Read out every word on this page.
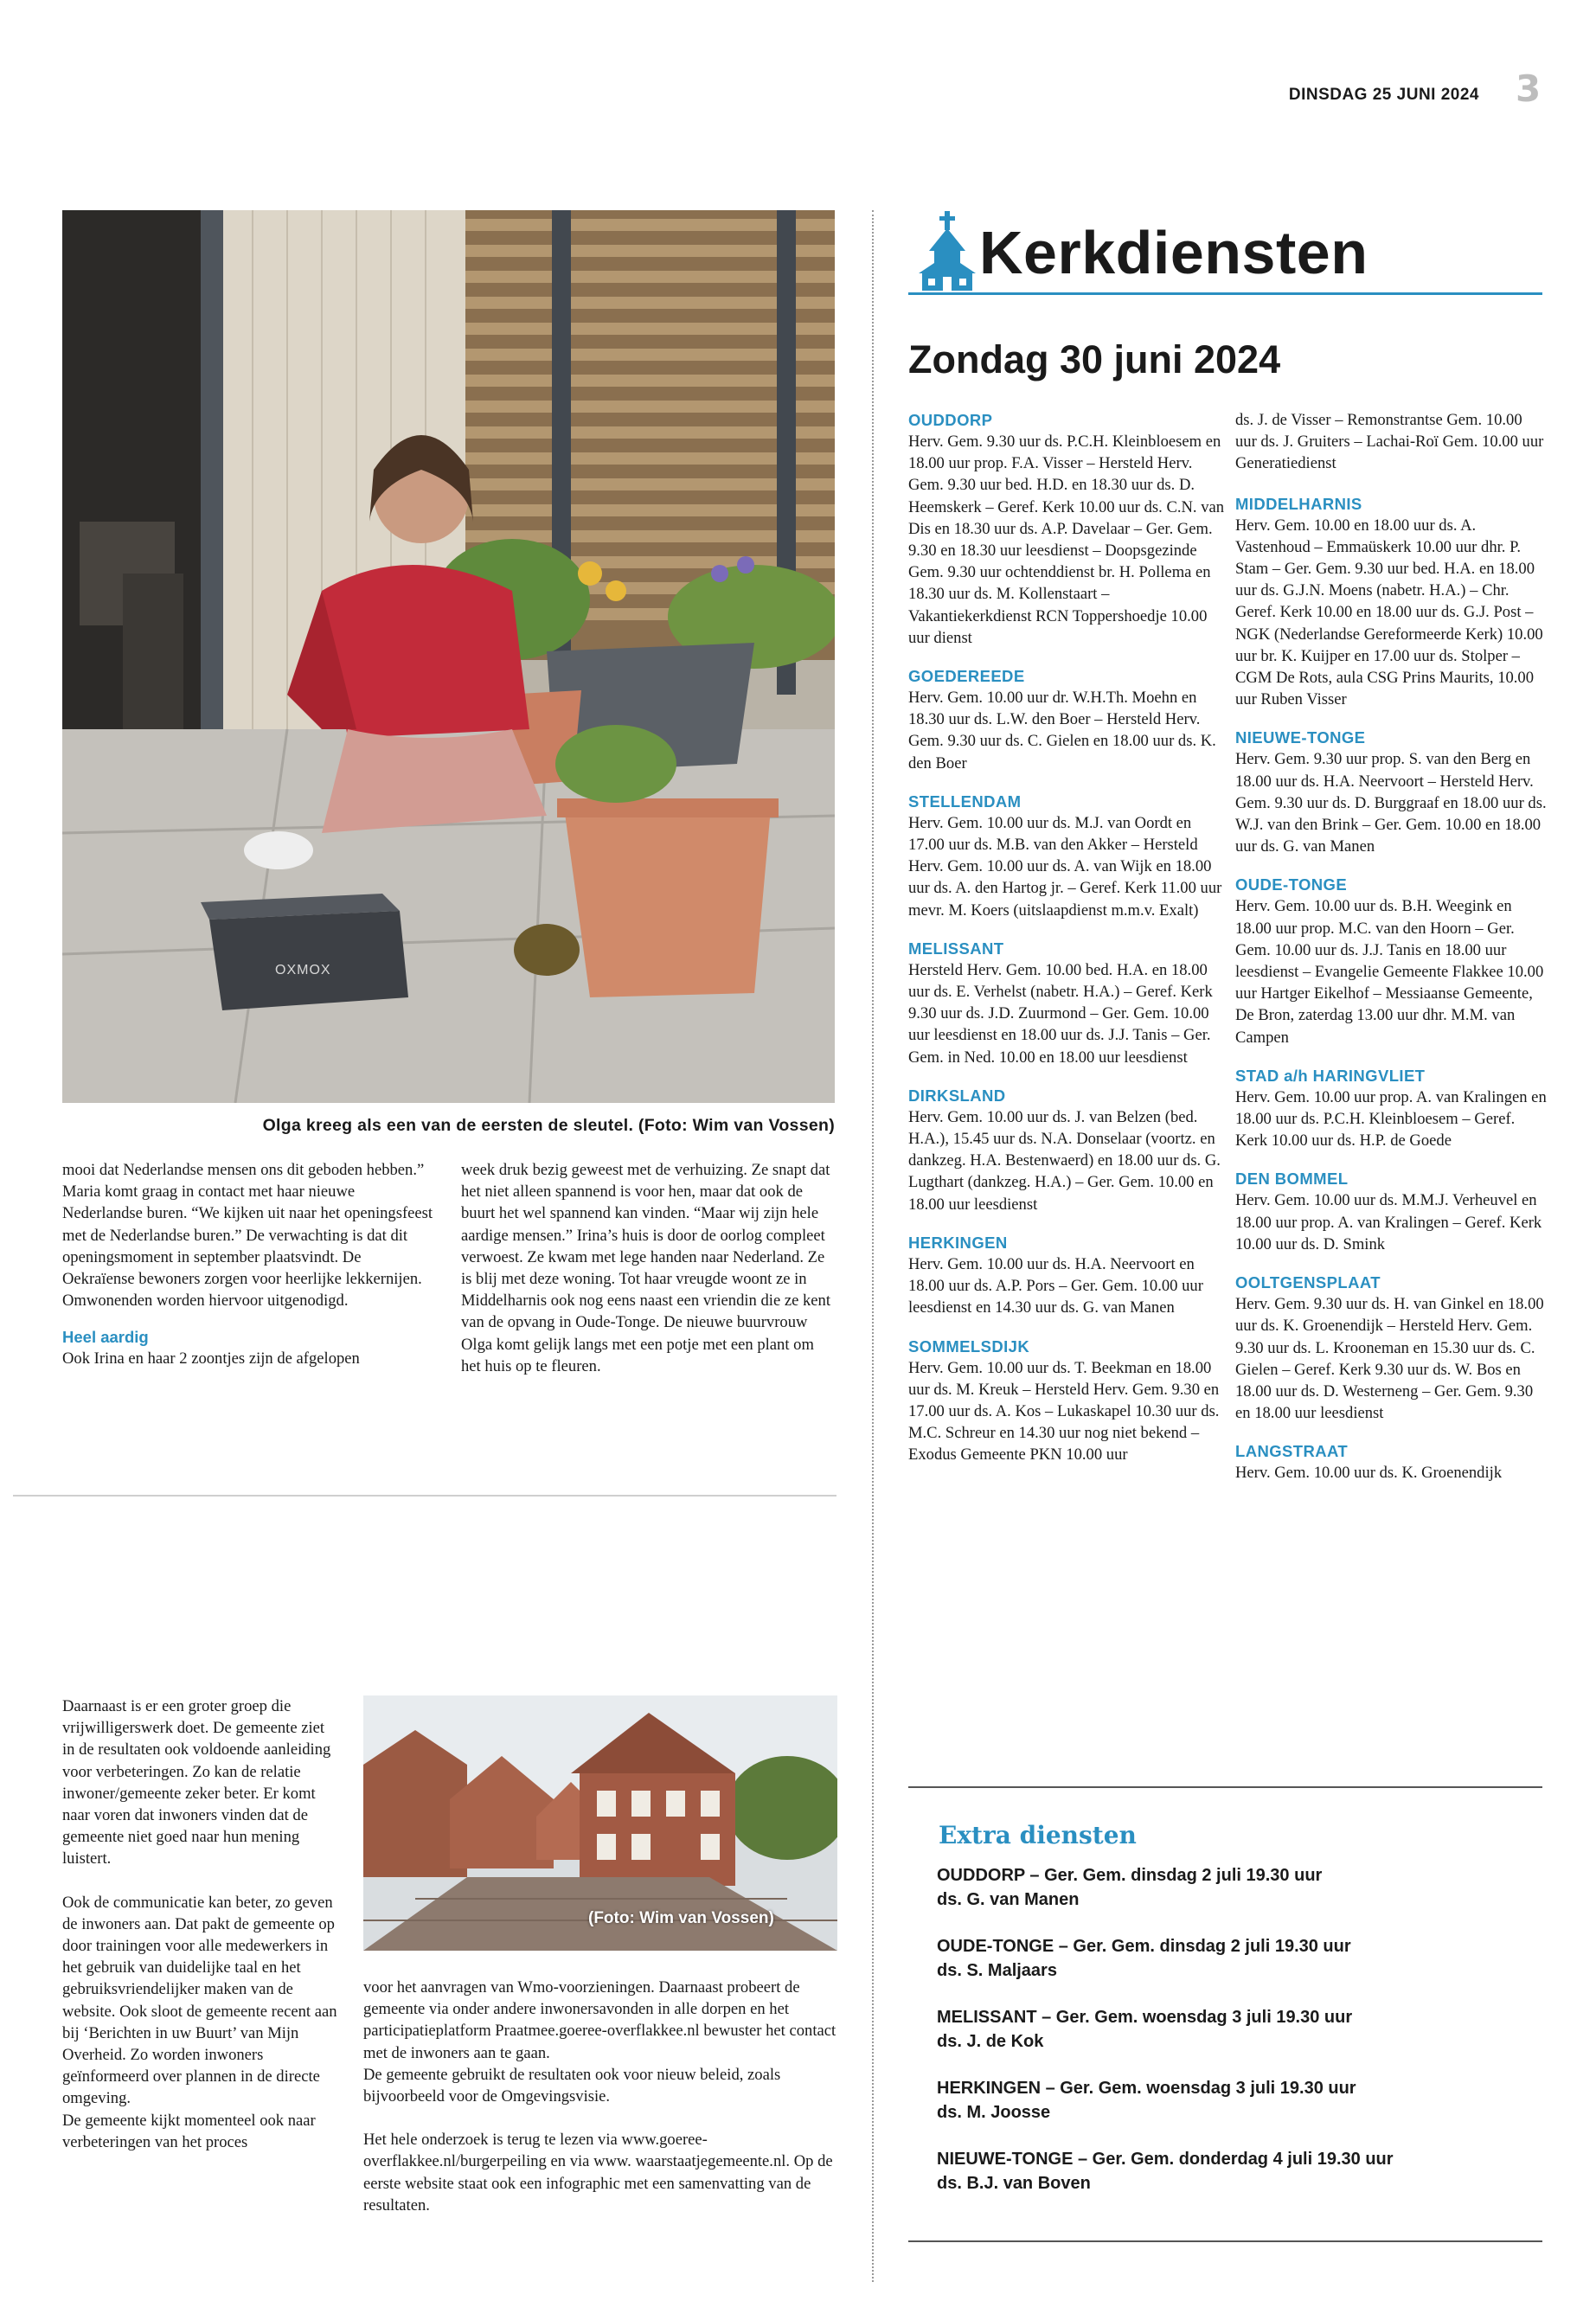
DINSDAG 25 JUNI 2024 3
OXMOX
Olga kreeg als een van de eersten de sleutel. (Foto: Wim van Vossen)

mooi dat Nederlandse mensen ons dit geboden hebben.” Maria komt graag in contact met haar nieuwe Nederlandse buren. “We kijken uit naar het openingsfeest met de Nederlandse buren.” De verwachting is dat dit openingsmoment in september plaatsvindt. De Oekraïense bewoners zorgen voor heerlijke lekkernijen. Omwonenden worden hiervoor uitgenodigd.

Heel aardig

Ook Irina en haar 2 zoontjes zijn de afgelopen

week druk bezig geweest met de verhuizing. Ze snapt dat het niet alleen spannend is voor hen, maar dat ook de buurt het wel spannend kan vinden. “Maar wij zijn hele aardige mensen.” Irina’s huis is door de oorlog compleet verwoest. Ze kwam met lege handen naar Nederland. Ze is blij met deze woning. Tot haar vreugde woont ze in Middelharnis ook nog eens naast een vriendin die ze kent van de opvang in Oude-Tonge. De nieuwe buurvrouw Olga komt gelijk langs met een potje met een plant om het huis op te fleuren.

Daarnaast is er een groter groep die vrijwilligerswerk doet. De gemeente ziet in de resultaten ook voldoende aanleiding voor verbeteringen. Zo kan de relatie inwoner/gemeente zeker beter. Er komt naar voren dat inwoners vinden dat de gemeente niet goed naar hun mening luistert.

Ook de communicatie kan beter, zo geven de inwoners aan. Dat pakt de gemeente op door trainingen voor alle medewerkers in het gebruik van duidelijke taal en het gebruiksvriendelijker maken van de website. Ook sloot de gemeente recent aan bij ‘Berichten in uw Buurt’ van Mijn Overheid. Zo worden inwoners geïnformeerd over plannen in de directe omgeving.

De gemeente kijkt momenteel ook naar verbeteringen van het proces

(Foto: Wim van Vossen)

voor het aanvragen van Wmo-voorzieningen. Daarnaast probeert de gemeente via onder andere inwonersavonden in alle dorpen en het participatieplatform Praatmee.goeree-overflakkee.nl bewuster het contact met de inwoners aan te gaan.

De gemeente gebruikt de resultaten ook voor nieuw beleid, zoals bijvoorbeeld voor de Omgevingsvisie.

Het hele onderzoek is terug te lezen via www.goeree-overflakkee.nl/burgerpeiling en via www. waarstaatjegemeente.nl. Op de eerste website staat ook een infographic met een samenvatting van de resultaten.

Kerkdiensten
Zondag 30 juni 2024
OUDDORP
Herv. Gem. 9.30 uur ds. P.C.H. Kleinbloesem en 18.00 uur prop. F.A. Visser – Hersteld Herv. Gem. 9.30 uur bed. H.D. en 18.30 uur ds. D. Heemskerk – Geref. Kerk 10.00 uur ds. C.N. van Dis en 18.30 uur ds. A.P. Davelaar – Ger. Gem. 9.30 en 18.30 uur leesdienst – Doopsgezinde Gem. 9.30 uur ochtenddienst br. H. Pollema en 18.30 uur ds. M. Kollenstaart – Vakantiekerkdienst RCN Toppershoedje 10.00 uur dienst
GOEDEREEDE
Herv. Gem. 10.00 uur dr. W.H.Th. Moehn en 18.30 uur ds. L.W. den Boer – Hersteld Herv. Gem. 9.30 uur ds. C. Gielen en 18.00 uur ds. K. den Boer
STELLENDAM
Herv. Gem. 10.00 uur ds. M.J. van Oordt en 17.00 uur ds. M.B. van den Akker – Hersteld Herv. Gem. 10.00 uur ds. A. van Wijk en 18.00 uur ds. A. den Hartog jr. – Geref. Kerk 11.00 uur mevr. M. Koers (uitslaapdienst m.m.v. Exalt)
MELISSANT
Hersteld Herv. Gem. 10.00 bed. H.A. en 18.00 uur ds. E. Verhelst (nabetr. H.A.) – Geref. Kerk 9.30 uur ds. J.D. Zuurmond – Ger. Gem. 10.00 uur leesdienst en 18.00 uur ds. J.J. Tanis – Ger. Gem. in Ned. 10.00 en 18.00 uur leesdienst
DIRKSLAND
Herv. Gem. 10.00 uur ds. J. van Belzen (bed. H.A.), 15.45 uur ds. N.A. Donselaar (voortz. en dankzeg. H.A. Bestenwaerd) en 18.00 uur ds. G. Lugthart (dankzeg. H.A.) – Ger. Gem. 10.00 en 18.00 uur leesdienst
HERKINGEN
Herv. Gem. 10.00 uur ds. H.A. Neervoort en 18.00 uur ds. A.P. Pors – Ger. Gem. 10.00 uur leesdienst en 14.30 uur ds. G. van Manen
SOMMELSDIJK
Herv. Gem. 10.00 uur ds. T. Beekman en 18.00 uur ds. M. Kreuk – Hersteld Herv. Gem. 9.30 en 17.00 uur ds. A. Kos – Lukaskapel 10.30 uur ds. M.C. Schreur en 14.30 uur nog niet bekend – Exodus Gemeente PKN 10.00 uur
ds. J. de Visser – Remonstrantse Gem. 10.00 uur ds. J. Gruiters – Lachai-Roï Gem. 10.00 uur Generatiedienst
MIDDELHARNIS
Herv. Gem. 10.00 en 18.00 uur ds. A. Vastenhoud – Emmaüskerk 10.00 uur dhr. P. Stam – Ger. Gem. 9.30 uur bed. H.A. en 18.00 uur ds. G.J.N. Moens (nabetr. H.A.) – Chr. Geref. Kerk 10.00 en 18.00 uur ds. G.J. Post – NGK (Nederlandse Gereformeerde Kerk) 10.00 uur br. K. Kuijper en 17.00 uur ds. Stolper – CGM De Rots, aula CSG Prins Maurits, 10.00 uur Ruben Visser
NIEUWE-TONGE
Herv. Gem. 9.30 uur prop. S. van den Berg en 18.00 uur ds. H.A. Neervoort – Hersteld Herv. Gem. 9.30 uur ds. D. Burggraaf en 18.00 uur ds. W.J. van den Brink – Ger. Gem. 10.00 en 18.00 uur ds. G. van Manen
OUDE-TONGE
Herv. Gem. 10.00 uur ds. B.H. Weegink en 18.00 uur prop. M.C. van den Hoorn – Ger. Gem. 10.00 uur ds. J.J. Tanis en 18.00 uur leesdienst – Evangelie Gemeente Flakkee 10.00 uur Hartger Eikelhof – Messiaanse Gemeente, De Bron, zaterdag 13.00 uur dhr. M.M. van Campen
STAD a/h HARINGVLIET
Herv. Gem. 10.00 uur prop. A. van Kralingen en 18.00 uur ds. P.C.H. Kleinbloesem – Geref. Kerk 10.00 uur ds. H.P. de Goede
DEN BOMMEL
Herv. Gem. 10.00 uur ds. M.M.J. Verheuvel en 18.00 uur prop. A. van Kralingen – Geref. Kerk 10.00 uur ds. D. Smink
OOLTGENSPLAAT
Herv. Gem. 9.30 uur ds. H. van Ginkel en 18.00 uur ds. K. Groenendijk – Hersteld Herv. Gem. 9.30 uur ds. L. Krooneman en 15.30 uur ds. C. Gielen – Geref. Kerk 9.30 uur ds. W. Bos en 18.00 uur ds. D. Westerneng – Ger. Gem. 9.30 en 18.00 uur leesdienst
LANGSTRAAT
Herv. Gem. 10.00 uur ds. K. Groenendijk
Extra diensten
OUDDORP – Ger. Gem. dinsdag 2 juli 19.30 uur
ds. G. van Manen
OUDE-TONGE – Ger. Gem. dinsdag 2 juli 19.30 uur
ds. S. Maljaars
MELISSANT – Ger. Gem. woensdag 3 juli 19.30 uur
ds. J. de Kok
HERKINGEN – Ger. Gem. woensdag 3 juli 19.30 uur
ds. M. Joosse
NIEUWE-TONGE – Ger. Gem. donderdag 4 juli 19.30 uur
ds. B.J. van Boven
